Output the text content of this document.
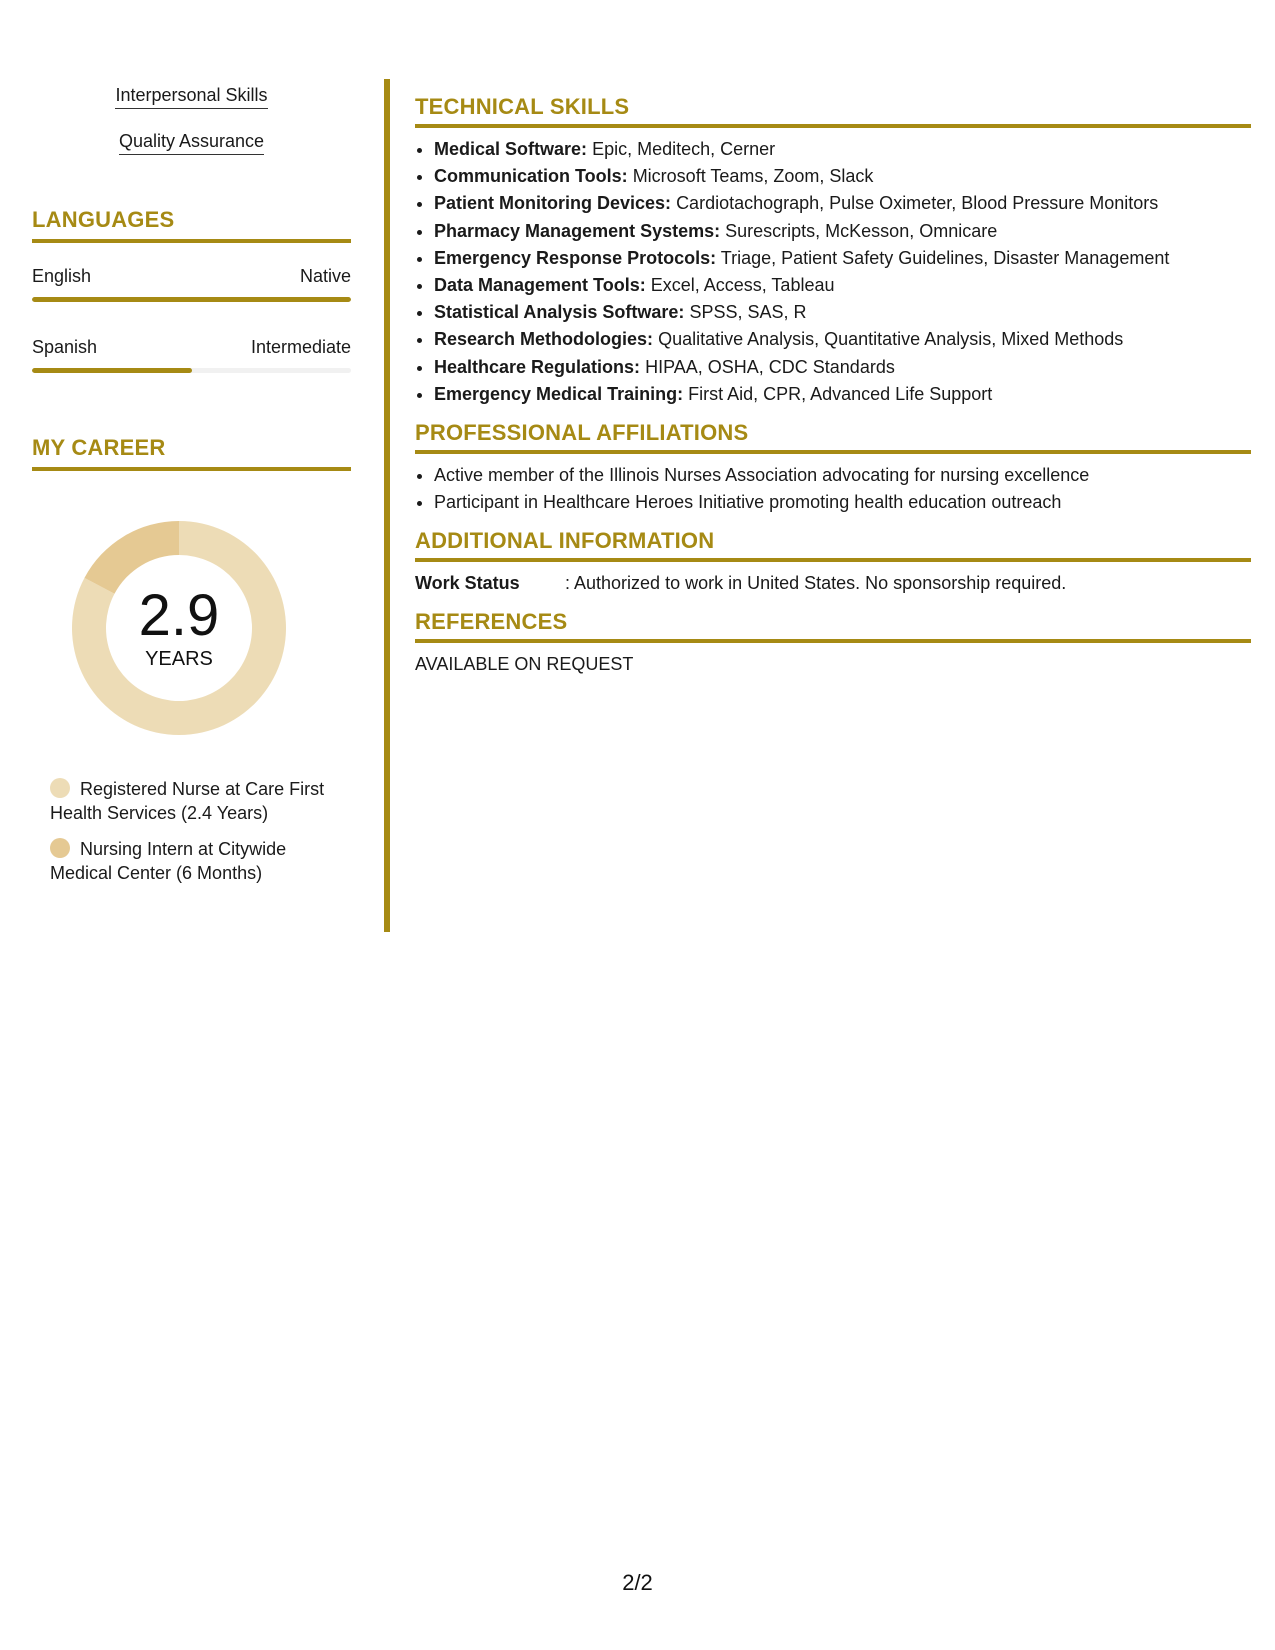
Interpersonal Skills
Quality Assurance
LANGUAGES
English	Native
Spanish	Intermediate
MY CAREER
2.9
YEARS
Registered Nurse at Care First Health Services (2.4 Years)
Nursing Intern at Citywide Medical Center (6 Months)
TECHNICAL SKILLS
• Medical Software: Epic, Meditech, Cerner
• Communication Tools: Microsoft Teams, Zoom, Slack
• Patient Monitoring Devices: Cardiotachograph, Pulse Oximeter, Blood Pressure Monitors
• Pharmacy Management Systems: Surescripts, McKesson, Omnicare
• Emergency Response Protocols: Triage, Patient Safety Guidelines, Disaster Management
• Data Management Tools: Excel, Access, Tableau
• Statistical Analysis Software: SPSS, SAS, R
• Research Methodologies: Qualitative Analysis, Quantitative Analysis, Mixed Methods
• Healthcare Regulations: HIPAA, OSHA, CDC Standards
• Emergency Medical Training: First Aid, CPR, Advanced Life Support
PROFESSIONAL AFFILIATIONS
• Active member of the Illinois Nurses Association advocating for nursing excellence
• Participant in Healthcare Heroes Initiative promoting health education outreach
ADDITIONAL INFORMATION
Work Status	: Authorized to work in United States. No sponsorship required.
REFERENCES
AVAILABLE ON REQUEST
2/2
